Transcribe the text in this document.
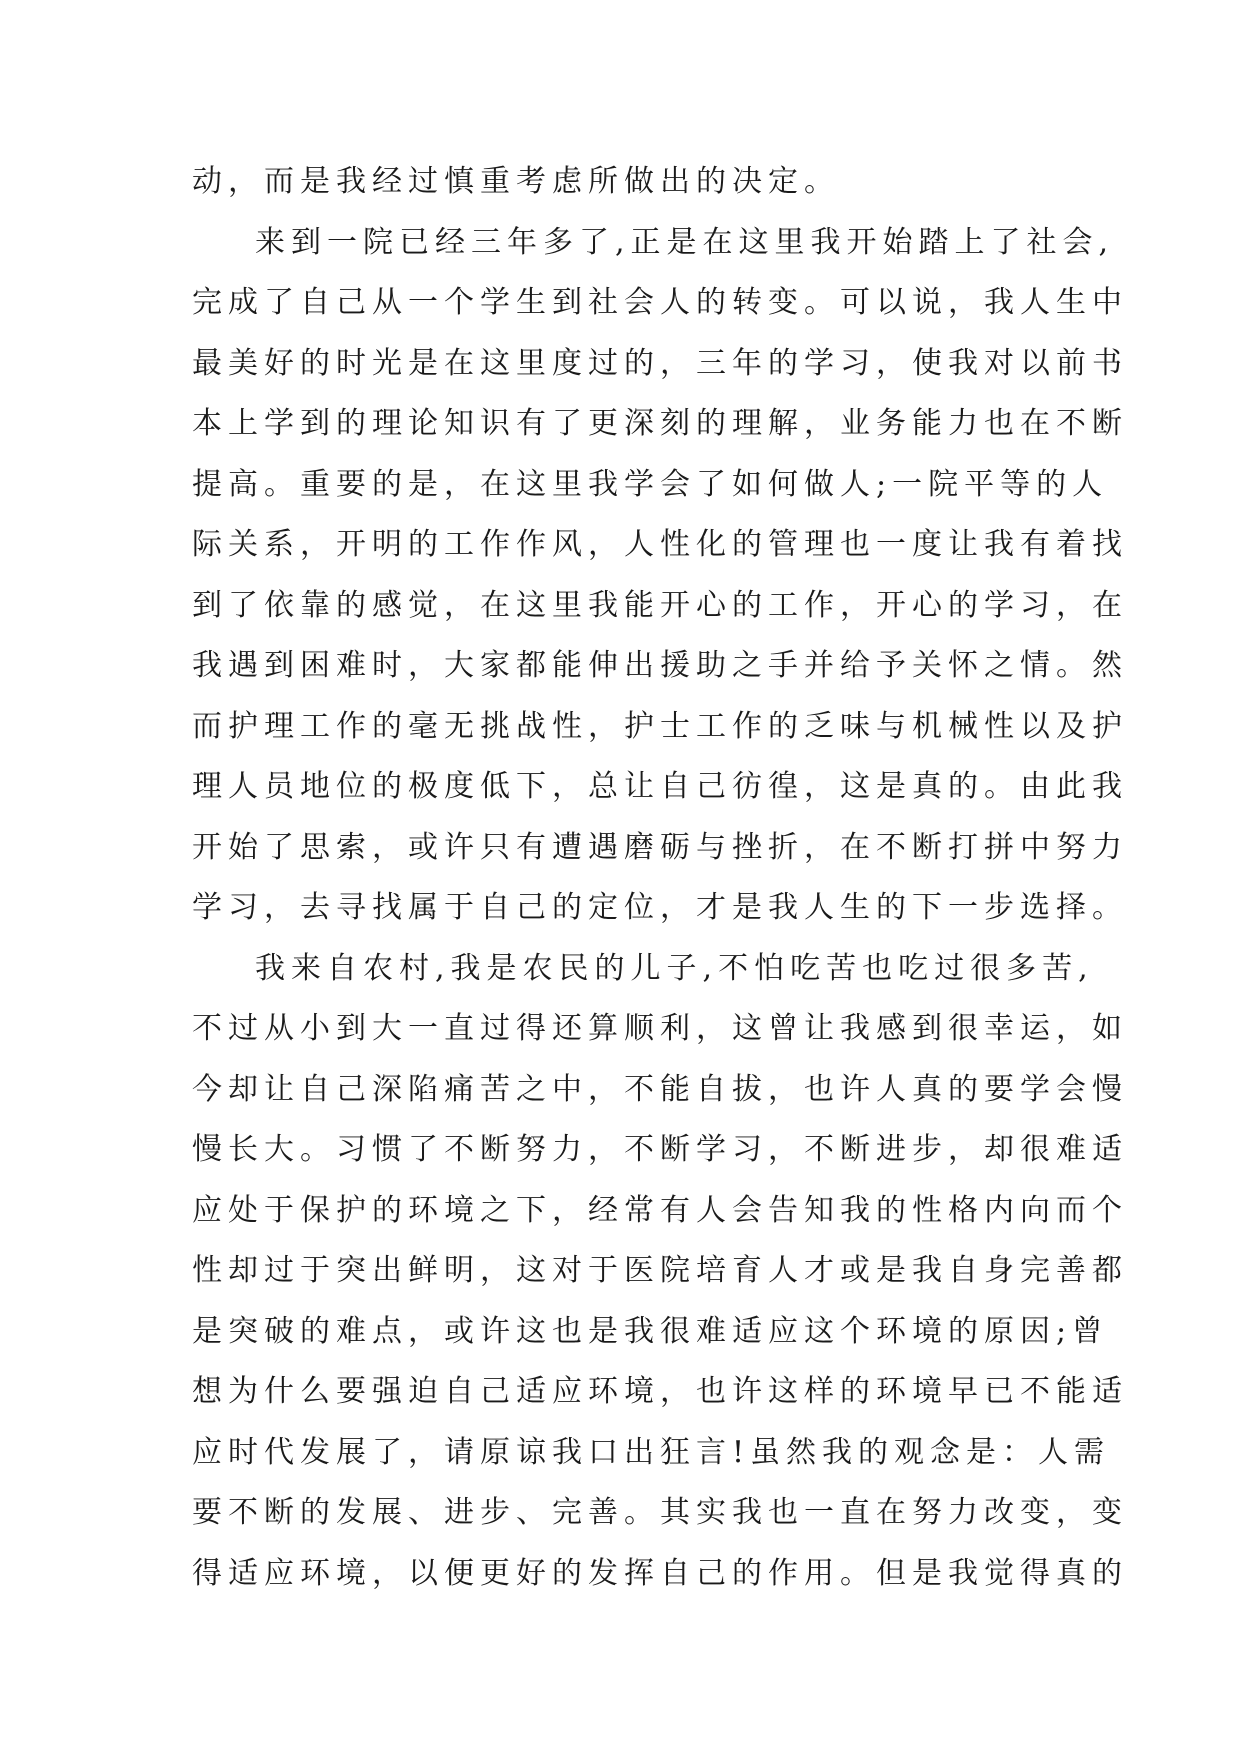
动，而是我经过慎重考虑所做出的决定。
来到一院已经三年多了,正是在这里我开始踏上了社会,
完成了自己从一个学生到社会人的转变。可以说，我人生中
最美好的时光是在这里度过的，三年的学习，使我对以前书
本上学到的理论知识有了更深刻的理解，业务能力也在不断
提高。重要的是，在这里我学会了如何做人;一院平等的人
际关系，开明的工作作风，人性化的管理也一度让我有着找
到了依靠的感觉，在这里我能开心的工作，开心的学习，在
我遇到困难时，大家都能伸出援助之手并给予关怀之情。然
而护理工作的毫无挑战性，护士工作的乏味与机械性以及护
理人员地位的极度低下，总让自己彷徨，这是真的。由此我
开始了思索，或许只有遭遇磨砺与挫折，在不断打拼中努力
学习，去寻找属于自己的定位，才是我人生的下一步选择。
我来自农村,我是农民的儿子,不怕吃苦也吃过很多苦,
不过从小到大一直过得还算顺利，这曾让我感到很幸运，如
今却让自己深陷痛苦之中，不能自拔，也许人真的要学会慢
慢长大。习惯了不断努力，不断学习，不断进步，却很难适
应处于保护的环境之下，经常有人会告知我的性格内向而个
性却过于突出鲜明，这对于医院培育人才或是我自身完善都
是突破的难点，或许这也是我很难适应这个环境的原因;曾
想为什么要强迫自己适应环境，也许这样的环境早已不能适
应时代发展了，请原谅我口出狂言!虽然我的观念是：人需
要不断的发展、进步、完善。其实我也一直在努力改变，变
得适应环境，以便更好的发挥自己的作用。但是我觉得真的
